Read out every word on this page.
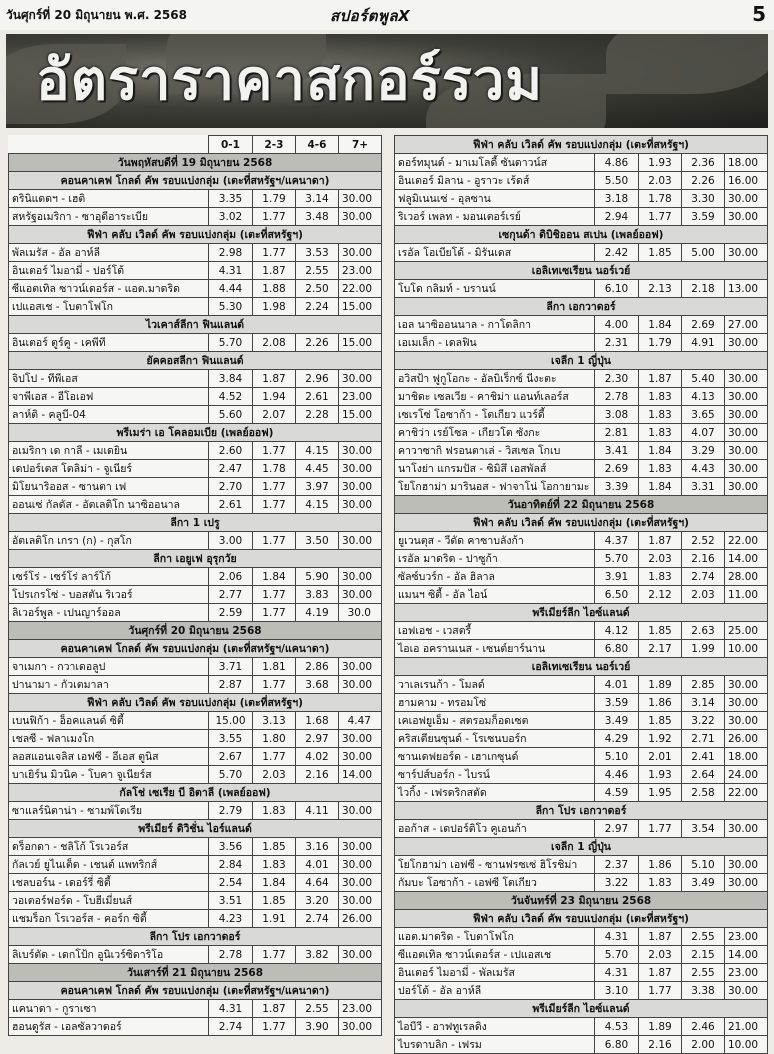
วันศุกร์ที่ 20 มิถุนายน พ.ศ. 2568	สปอร์ตพูลX	5
อัตราราคาสกอร์รวม
	0-1	2-3	4-6	7+
วันพฤหัสบดีที่ 19 มิถุนายน 2568				
คอนคาเคฟ โกลด์ คัพ รอบแบ่งกลุ่ม (เตะที่สหรัฐฯ/แคนาดา)				
ตรินิแดดฯ - เฮติ	3.35	1.79	3.14	30.00
สหรัฐอเมริกา - ซาอุดีอาระเบีย	3.02	1.77	3.48	30.00
ฟีฟ่า คลับ เวิลด์ คัพ รอบแบ่งกลุ่ม (เตะที่สหรัฐฯ)				
พัลเมรัส - อัล อาห์ลี	2.98	1.77	3.53	30.00
อินเตอร์ ไมอามี่ - ปอร์โต้	4.31	1.87	2.55	23.00
ซีแอตเทิล ซาวน์เดอร์ส - แอต.มาดริด	4.44	1.88	2.50	22.00
เปแอสเช - โบตาโฟโก	5.30	1.98	2.24	15.00
ไวเคาส์ลีกา ฟินแลนด์				
อินเตอร์ ตูร์คู - เคพีที	5.70	2.08	2.26	15.00
ยัคคอสลีกา ฟินแลนด์				
จิปโป - ทีพีเอส	3.84	1.87	2.96	30.00
จาพีเอส - อีโอเอฟ	4.52	1.94	2.61	23.00
ลาห์ติ - คลูบี-04	5.60	2.07	2.28	15.00
พรีเมร่า เอ โคลอมเบีย (เพลย์ออฟ)				
อเมริกา เด กาลี - เมเดยิน	2.60	1.77	4.15	30.00
เดปอร์เตส โตลิม่า - จูเนียร์	2.47	1.78	4.45	30.00
มิโยนาริออส - ซานตา เฟ	2.70	1.77	3.97	30.00
ออนเซ่ กัลดัส - อัตเลติโก นาซิออนาล	2.61	1.77	4.15	30.00
ลีกา 1 เปรู				
อัตเลติโก เกรา (ก) - กุสโก	3.00	1.77	3.50	30.00
ลีกา เอยูเฟ อุรุกวัย				
เซร์โร่ - เซร์โร่ ลาร์โก้	2.06	1.84	5.90	30.00
โปรเกรโซ่ - บอสตัน ริเวอร์	2.77	1.77	3.83	30.00
ลิเวอร์พูล - เปนญาร์ออล	2.59	1.77	4.19	30.0
วันศุกร์ที่ 20 มิถุนายน 2568				
คอนคาเคฟ โกลด์ คัพ รอบแบ่งกลุ่ม (เตะที่สหรัฐฯ/แคนาดา)				
จาเมกา - กวาเดอลูป	3.71	1.81	2.86	30.00
ปานามา - กัวเตมาลา	2.87	1.77	3.68	30.00
ฟีฟ่า คลับ เวิลด์ คัพ รอบแบ่งกลุ่ม (เตะที่สหรัฐฯ)				
เบนฟิก้า - อ็อคแลนด์ ซิตี้	15.00	3.13	1.68	4.47
เชลซี - ฟลาเมงโก	3.55	1.80	2.97	30.00
ลอสแอนเจลิส เอฟซี - อีเอส ตูนิส	2.67	1.77	4.02	30.00
บาเยิร์น มิวนิค - โบคา จูเนียร์ส	5.70	2.03	2.16	14.00
กัลโช่ เซเรีย บี อิตาลี (เพลย์ออฟ)				
ซาแลร์นิตาน่า - ซามพ์โดเรีย	2.79	1.83	4.11	30.00
พรีเมียร์ ดิวิชั่น ไอร์แลนด์				
ดร็อกดา - ชลิโก้ โรเวอร์ส	3.56	1.85	3.16	30.00
กัลเวย์ ยูไนเต็ด - เชนต์ แพทริกส์	2.84	1.83	4.01	30.00
เชลบอร์น - เดอร์รี่ ซิตี้	2.54	1.84	4.64	30.00
วอเตอร์ฟอร์ด - โบฮีเมี่ยนส์	3.51	1.85	3.20	30.00
แชมร็อก โรเวอร์ส - คอร์ก ซิตี้	4.23	1.91	2.74	26.00
ลีกา โปร เอกวาดอร์				
ลิเบร์ตัด - เดกโป้ก อูนิเวร์ซิดาริโอ	2.78	1.77	3.82	30.00
วันเสาร์ที่ 21 มิถุนายน 2568				
คอนคาเคฟ โกลด์ คัพ รอบแบ่งกลุ่ม (เตะที่สหรัฐฯ/แคนาดา)				
แคนาดา - กูราเซา	4.31	1.87	2.55	23.00
ฮอนดูรัส - เอลซัลวาดอร์	2.74	1.77	3.90	30.00
ฟีฟ่า คลับ เวิลด์ คัพ รอบแบ่งกลุ่ม (เตะที่สหรัฐฯ)				
ดอร์ทมุนด์ - มาเมโลดี้ ซันดาวน์ส	4.86	1.93	2.36	18.00
อินเตอร์ มิลาน - อูราวะ เร้ดส์	5.50	2.03	2.26	16.00
ฟลูมิเนนเซ่ - อุลซาน	3.18	1.78	3.30	30.00
ริเวอร์ เพลท - มอนเตอร์เรย์	2.94	1.77	3.59	30.00
เซกุนด้า ดิบิชิออน สเปน (เพลย์ออฟ)				
เรอัล โอเบียโด้ - มิรันเดส	2.42	1.85	5.00	30.00
เอลิเทเซเรียน นอร์เวย์				
โบโด กลิมท์ - บรานน์	6.10	2.13	2.18	13.00
ลีกา เอกวาดอร์				
เอล นาซิออนนาล - กาโดลิกา	4.00	1.84	2.69	27.00
เอเมเล็ก - เดลฟิน	2.31	1.79	4.91	30.00
เจลีก 1 ญี่ปุ่น				
อวิสป้า ฟูกูโอกะ - อัลบิเร็กซ์ นีงะตะ	2.30	1.87	5.40	30.00
มาชิดะ เซลเวีย - คาชิม่า แอนท์เลอร์ส	2.78	1.83	4.13	30.00
เซเรโซ่ โอซาก้า - โตเกียว แวร์ดี้	3.08	1.83	3.65	30.00
คาชิว่า เรย์โซล - เกียวโต ซังกะ	2.81	1.83	4.07	30.00
คาวาซากิ ฟรอนตาเล่ - วิสเซล โกเบ	3.41	1.84	3.29	30.00
นาโงย่า แกรมปัส - ซิมิสึ เอสพัลส์	2.69	1.83	4.43	30.00
โยโกฮาม่า มารินอส - ฟาจาโน่ โอกายามะ	3.39	1.84	3.31	30.00
วันอาทิตย์ที่ 22 มิถุนายน 2568				
ฟีฟ่า คลับ เวิลด์ คัพ รอบแบ่งกลุ่ม (เตะที่สหรัฐฯ)				
ยูเวนตุส - วีดัด คาซาบลังก้า	4.37	1.87	2.52	22.00
เรอัล มาดริด - ปาซูก้า	5.70	2.03	2.16	14.00
ซัลซ์บวร์ก - อัล ฮิลาล	3.91	1.83	2.74	28.00
แมนฯ ซิตี้ - อัล ไอน์	6.50	2.12	2.03	11.00
พรีเมียร์ลีก ไอซ์แลนด์				
เอฟเอช - เวสตรี้	4.12	1.85	2.63	25.00
ไอเอ อครานเนส - เซนต์ยาร์นาน	6.80	2.17	1.99	10.00
เอลิเทเซเรียน นอร์เวย์				
วาเลเรนก้า - โมลด์	4.01	1.89	2.85	30.00
ฮามคาม - ทรอมโซ่	3.59	1.86	3.14	30.00
เคเอฟยูเอ็ม - สตรอมก็อดเซต	3.49	1.85	3.22	30.00
คริสเตียนซุนด์ - โรเซนบอร์ก	4.29	1.92	2.71	26.00
ซานเดฟยอร์ด - เฮาเกซุนด์	5.10	2.01	2.41	18.00
ซาร์ปส์บอร์ก - ไบรน์	4.46	1.93	2.64	24.00
ไวกิ้ง - เฟรดริกสตัด	4.59	1.95	2.58	22.00
ลีกา โปร เอกวาดอร์				
ออก้าส - เดปอร์ติโว คูเอนก้า	2.97	1.77	3.54	30.00
เจลีก 1 ญี่ปุ่น				
โยโกฮาม่า เอฟซี - ซานฟรซเซ่ ฮิโรชิม่า	2.37	1.86	5.10	30.00
กัมบะ โอซาก้า - เอฟซี โตเกียว	3.22	1.83	3.49	30.00
วันจันทร์ที่ 23 มิถุนายน 2568				
ฟีฟ่า คลับ เวิลด์ คัพ รอบแบ่งกลุ่ม (เตะที่สหรัฐฯ)				
แอต.มาดริด - โบตาโฟโก	4.31	1.87	2.55	23.00
ซีแอตเทิล ซาวน์เดอร์ส - เปแอสเช	5.70	2.03	2.15	14.00
อินเตอร์ ไมอามี่ - พัลเมรัส	4.31	1.87	2.55	23.00
ปอร์โต้ - อัล อาห์ลี	3.10	1.77	3.38	30.00
พรีเมียร์ลีก ไอซ์แลนด์				
ไอบีวี - อาฟทูเรลดิง	4.53	1.89	2.46	21.00
ไบรดาบลิก - เฟรม	6.80	2.16	2.00	10.00
